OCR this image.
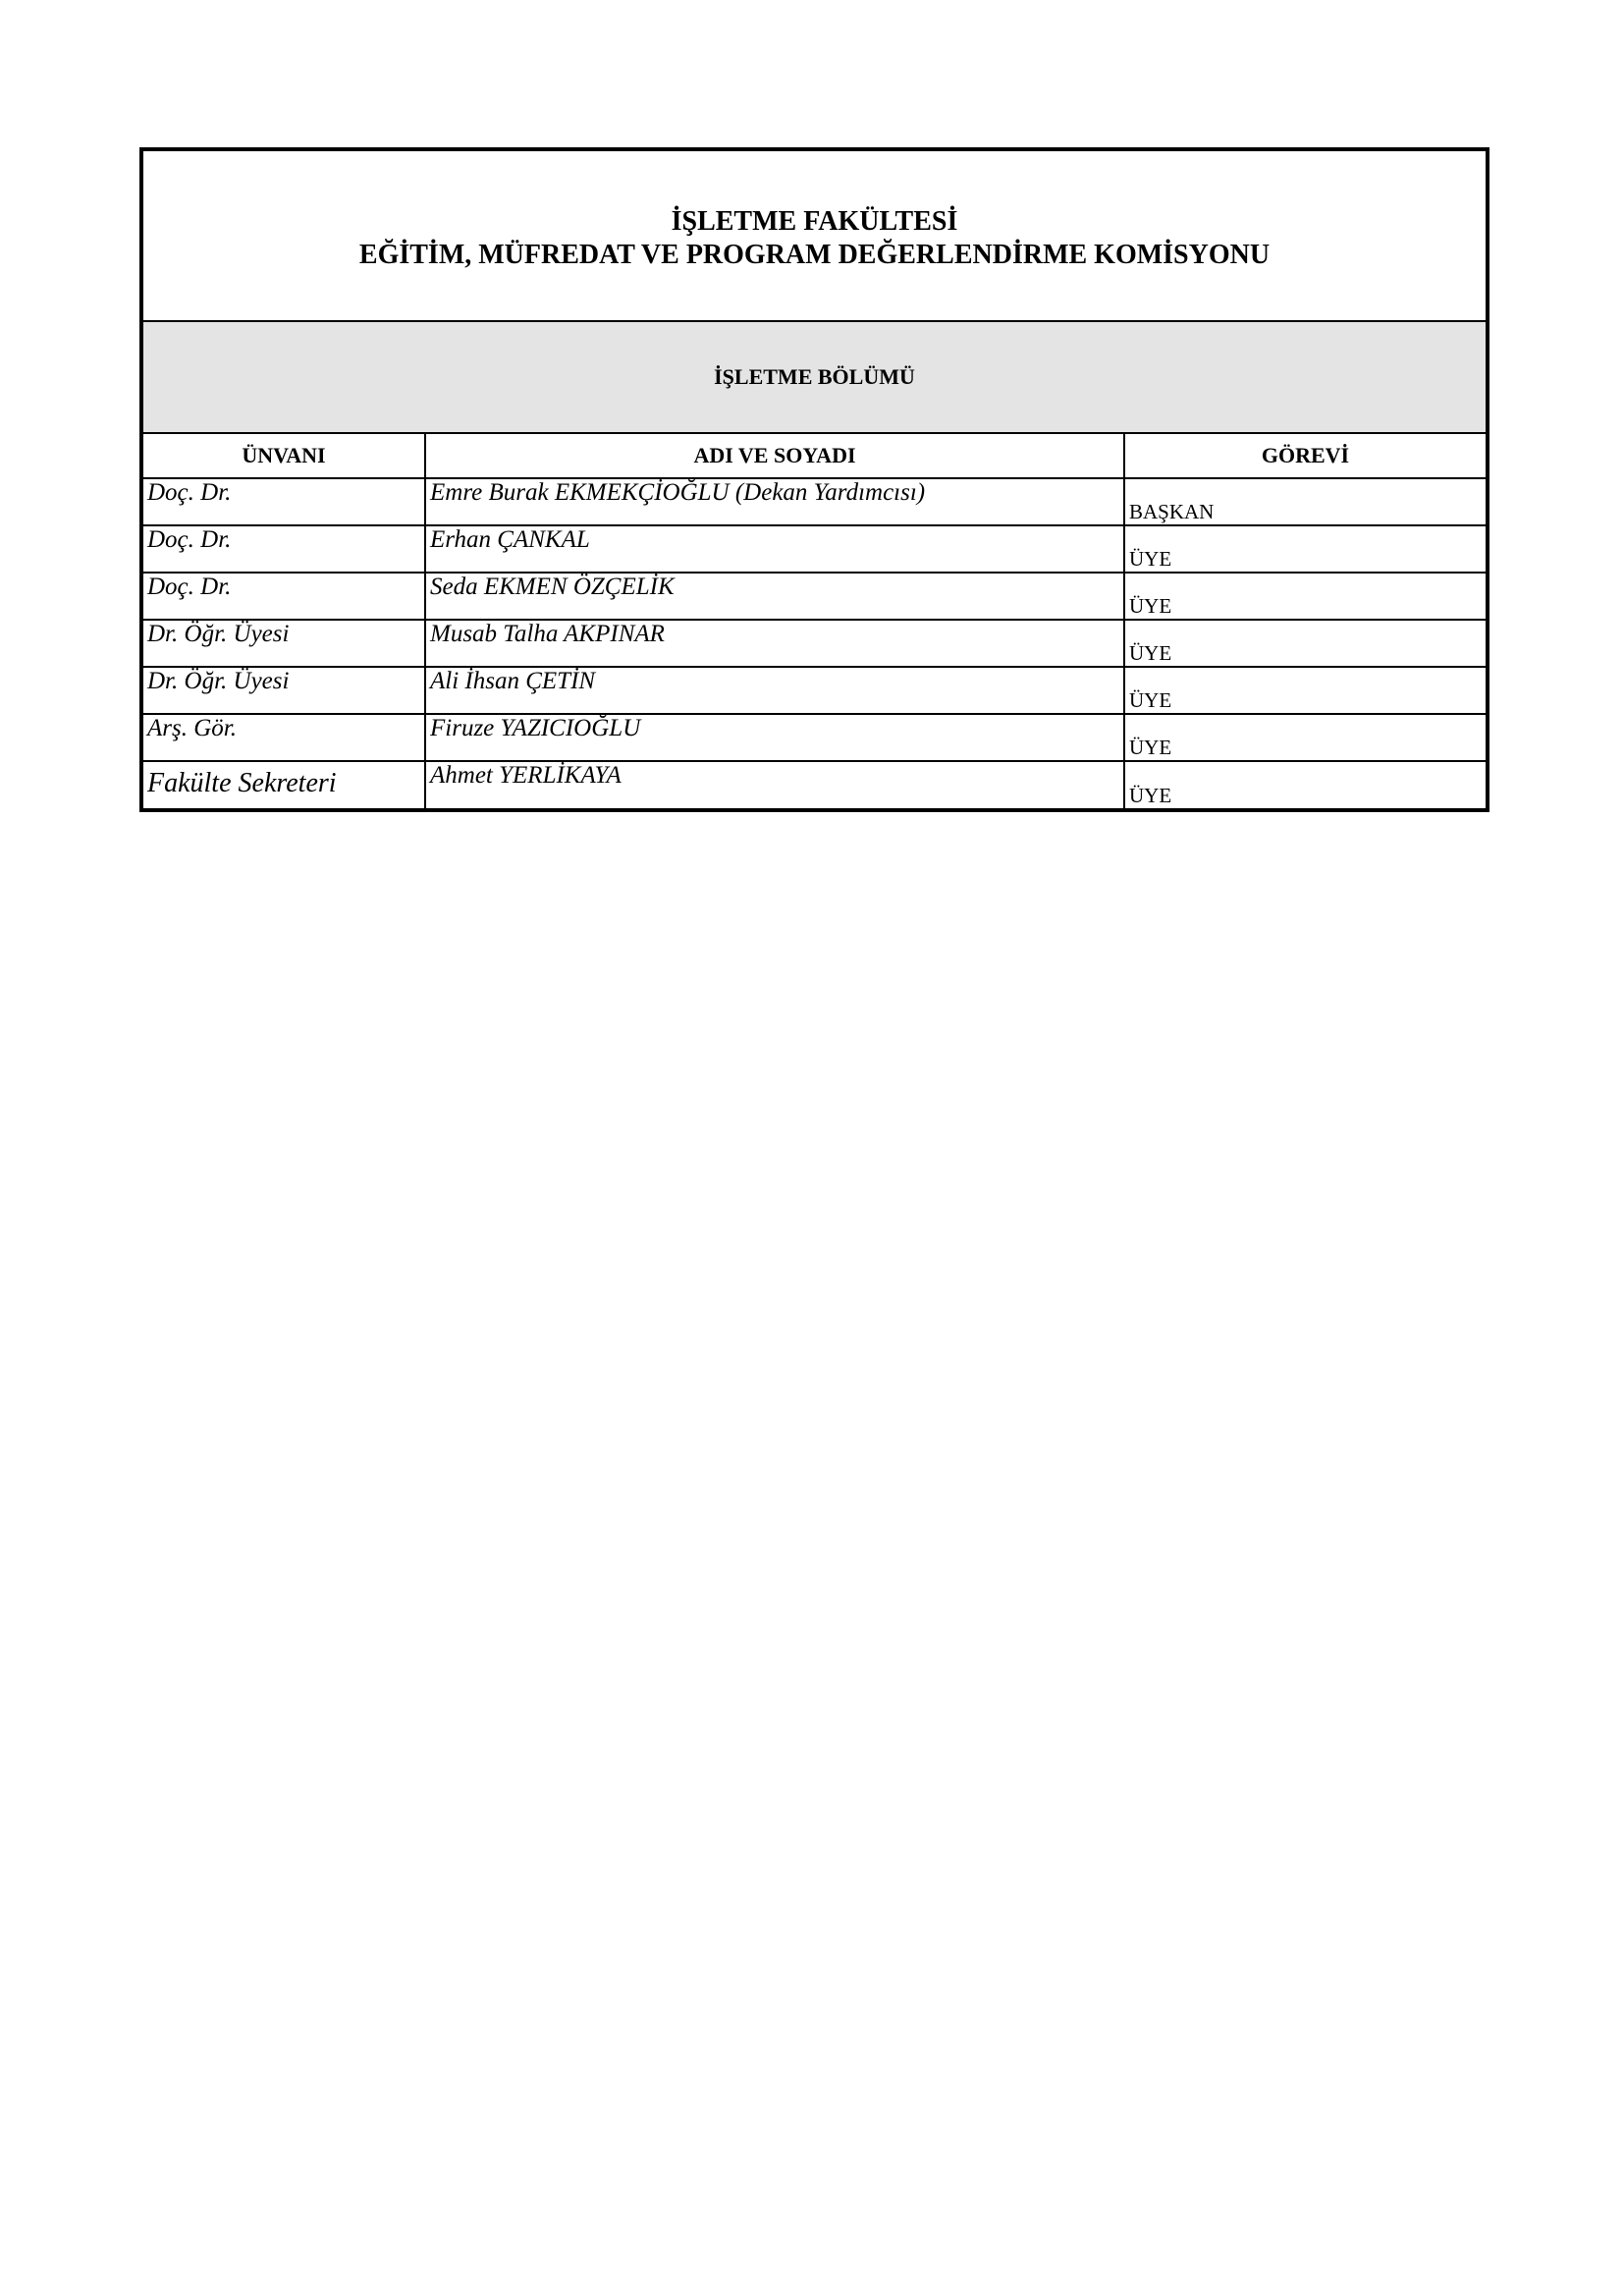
İŞLETME FAKÜLTESİ
EĞİTİM, MÜFREDAT VE PROGRAM DEĞERLENDİRME KOMİSYONU
İŞLETME BÖLÜMÜ
ÜNVANI	ADI VE SOYADI	GÖREVİ
Doç. Dr.	Emre Burak EKMEKÇİOĞLU (Dekan Yardımcısı)	BAŞKAN
Doç. Dr.	Erhan ÇANKAL	ÜYE
Doç. Dr.	Seda EKMEN ÖZÇELİK	ÜYE
Dr. Öğr. Üyesi	Musab Talha AKPINAR	ÜYE
Dr. Öğr. Üyesi	Ali İhsan ÇETİN	ÜYE
Arş. Gör.	Firuze YAZICIOĞLU	ÜYE
Fakülte Sekreteri	Ahmet YERLİKAYA	ÜYE
